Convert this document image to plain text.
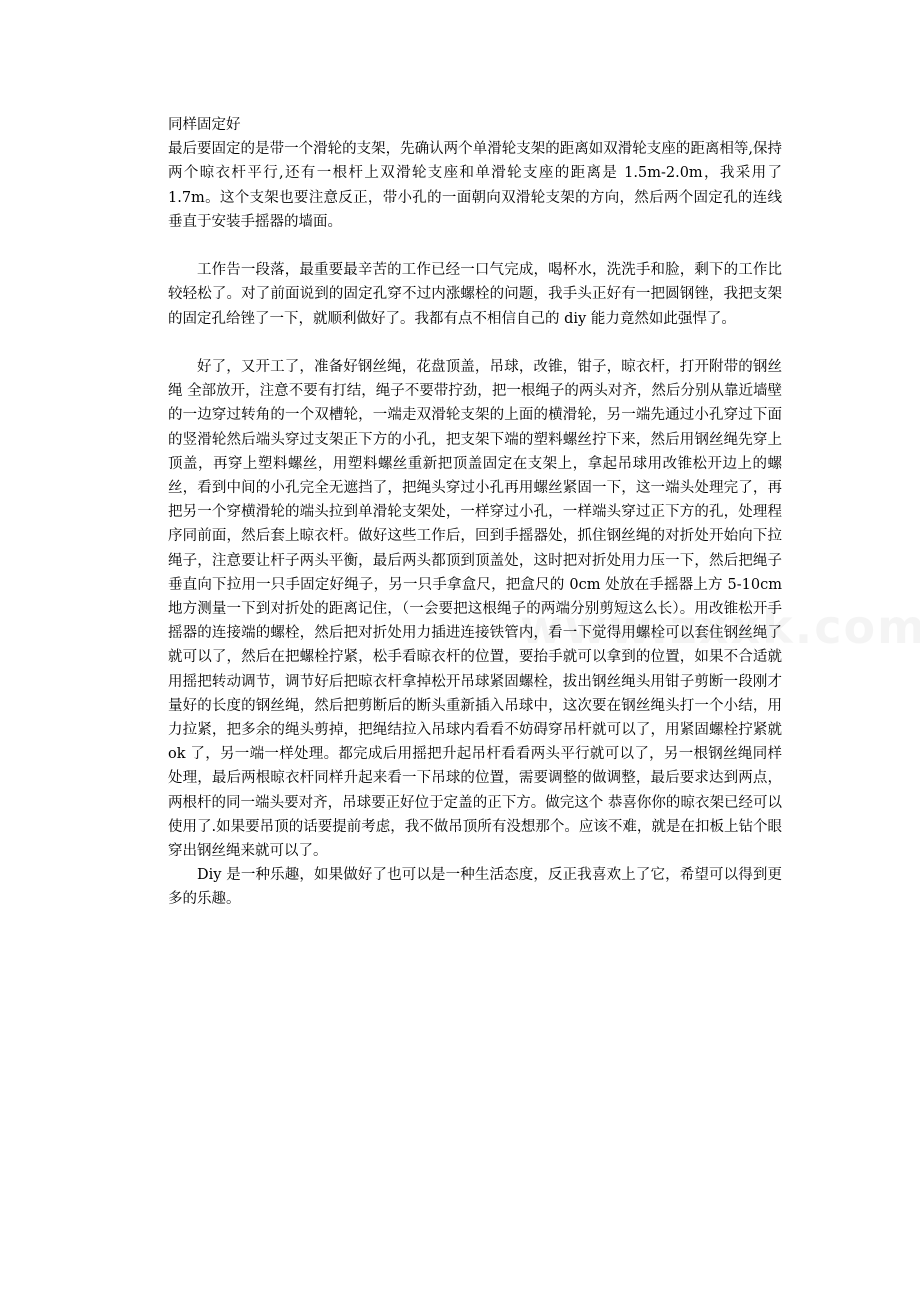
同样固定好

最后要固定的是带一个滑轮的支架，先确认两个单滑轮支架的距离如双滑轮支座的距离相等,保持两个晾衣杆平行,还有一根杆上双滑轮支座和单滑轮支座的距离是 1.5m-2.0m，我采用了 1.7m。这个支架也要注意反正，带小孔的一面朝向双滑轮支架的方向，然后两个固定孔的连线垂直于安装手摇器的墙面。

工作告一段落，最重要最辛苦的工作已经一口气完成，喝杯水，洗洗手和脸，剩下的工作比较轻松了。对了前面说到的固定孔穿不过内涨螺栓的问题，我手头正好有一把圆钢锉，我把支架的固定孔给锉了一下，就顺利做好了。我都有点不相信自己的 diy 能力竟然如此强悍了。

好了，又开工了，准备好钢丝绳，花盘顶盖，吊球，改锥，钳子，晾衣杆，打开附带的钢丝绳 全部放开，注意不要有打结，绳子不要带拧劲，把一根绳子的两头对齐，然后分别从靠近墙壁的一边穿过转角的一个双槽轮，一端走双滑轮支架的上面的横滑轮，另一端先通过小孔穿过下面的竖滑轮然后端头穿过支架正下方的小孔，把支架下端的塑料螺丝拧下来，然后用钢丝绳先穿上顶盖，再穿上塑料螺丝，用塑料螺丝重新把顶盖固定在支架上，拿起吊球用改锥松开边上的螺丝，看到中间的小孔完全无遮挡了，把绳头穿过小孔再用螺丝紧固一下，这一端头处理完了，再把另一个穿横滑轮的端头拉到单滑轮支架处，一样穿过小孔，一样端头穿过正下方的孔，处理程序同前面，然后套上晾衣杆。做好这些工作后，回到手摇器处，抓住钢丝绳的对折处开始向下拉绳子，注意要让杆子两头平衡，最后两头都顶到顶盖处，这时把对折处用力压一下，然后把绳子垂直向下拉用一只手固定好绳子，另一只手拿盒尺，把盒尺的 0cm 处放在手摇器上方 5-10cm 地方测量一下到对折处的距离记住，（一会要把这根绳子的两端分别剪短这么长）。用改锥松开手摇器的连接端的螺栓，然后把对折处用力插进连接铁管内，看一下觉得用螺栓可以套住钢丝绳了就可以了，然后在把螺栓拧紧，松手看晾衣杆的位置，要抬手就可以拿到的位置，如果不合适就用摇把转动调节，调节好后把晾衣杆拿掉松开吊球紧固螺栓，拔出钢丝绳头用钳子剪断一段刚才量好的长度的钢丝绳，然后把剪断后的断头重新插入吊球中，这次要在钢丝绳头打一个小结，用力拉紧，把多余的绳头剪掉，把绳结拉入吊球内看看不妨碍穿吊杆就可以了，用紧固螺栓拧紧就 ok 了，另一端一样处理。都完成后用摇把升起吊杆看看两头平行就可以了，另一根钢丝绳同样处理，最后两根晾衣杆同样升起来看一下吊球的位置，需要调整的做调整，最后要求达到两点，两根杆的同一端头要对齐，吊球要正好位于定盖的正下方。做完这个 恭喜你你的晾衣架已经可以使用了.如果要吊顶的话要提前考虑，我不做吊顶所有没想那个。应该不难，就是在扣板上钻个眼穿出钢丝绳来就可以了。

Diy 是一种乐趣，如果做好了也可以是一种生活态度，反正我喜欢上了它，希望可以得到更多的乐趣。
